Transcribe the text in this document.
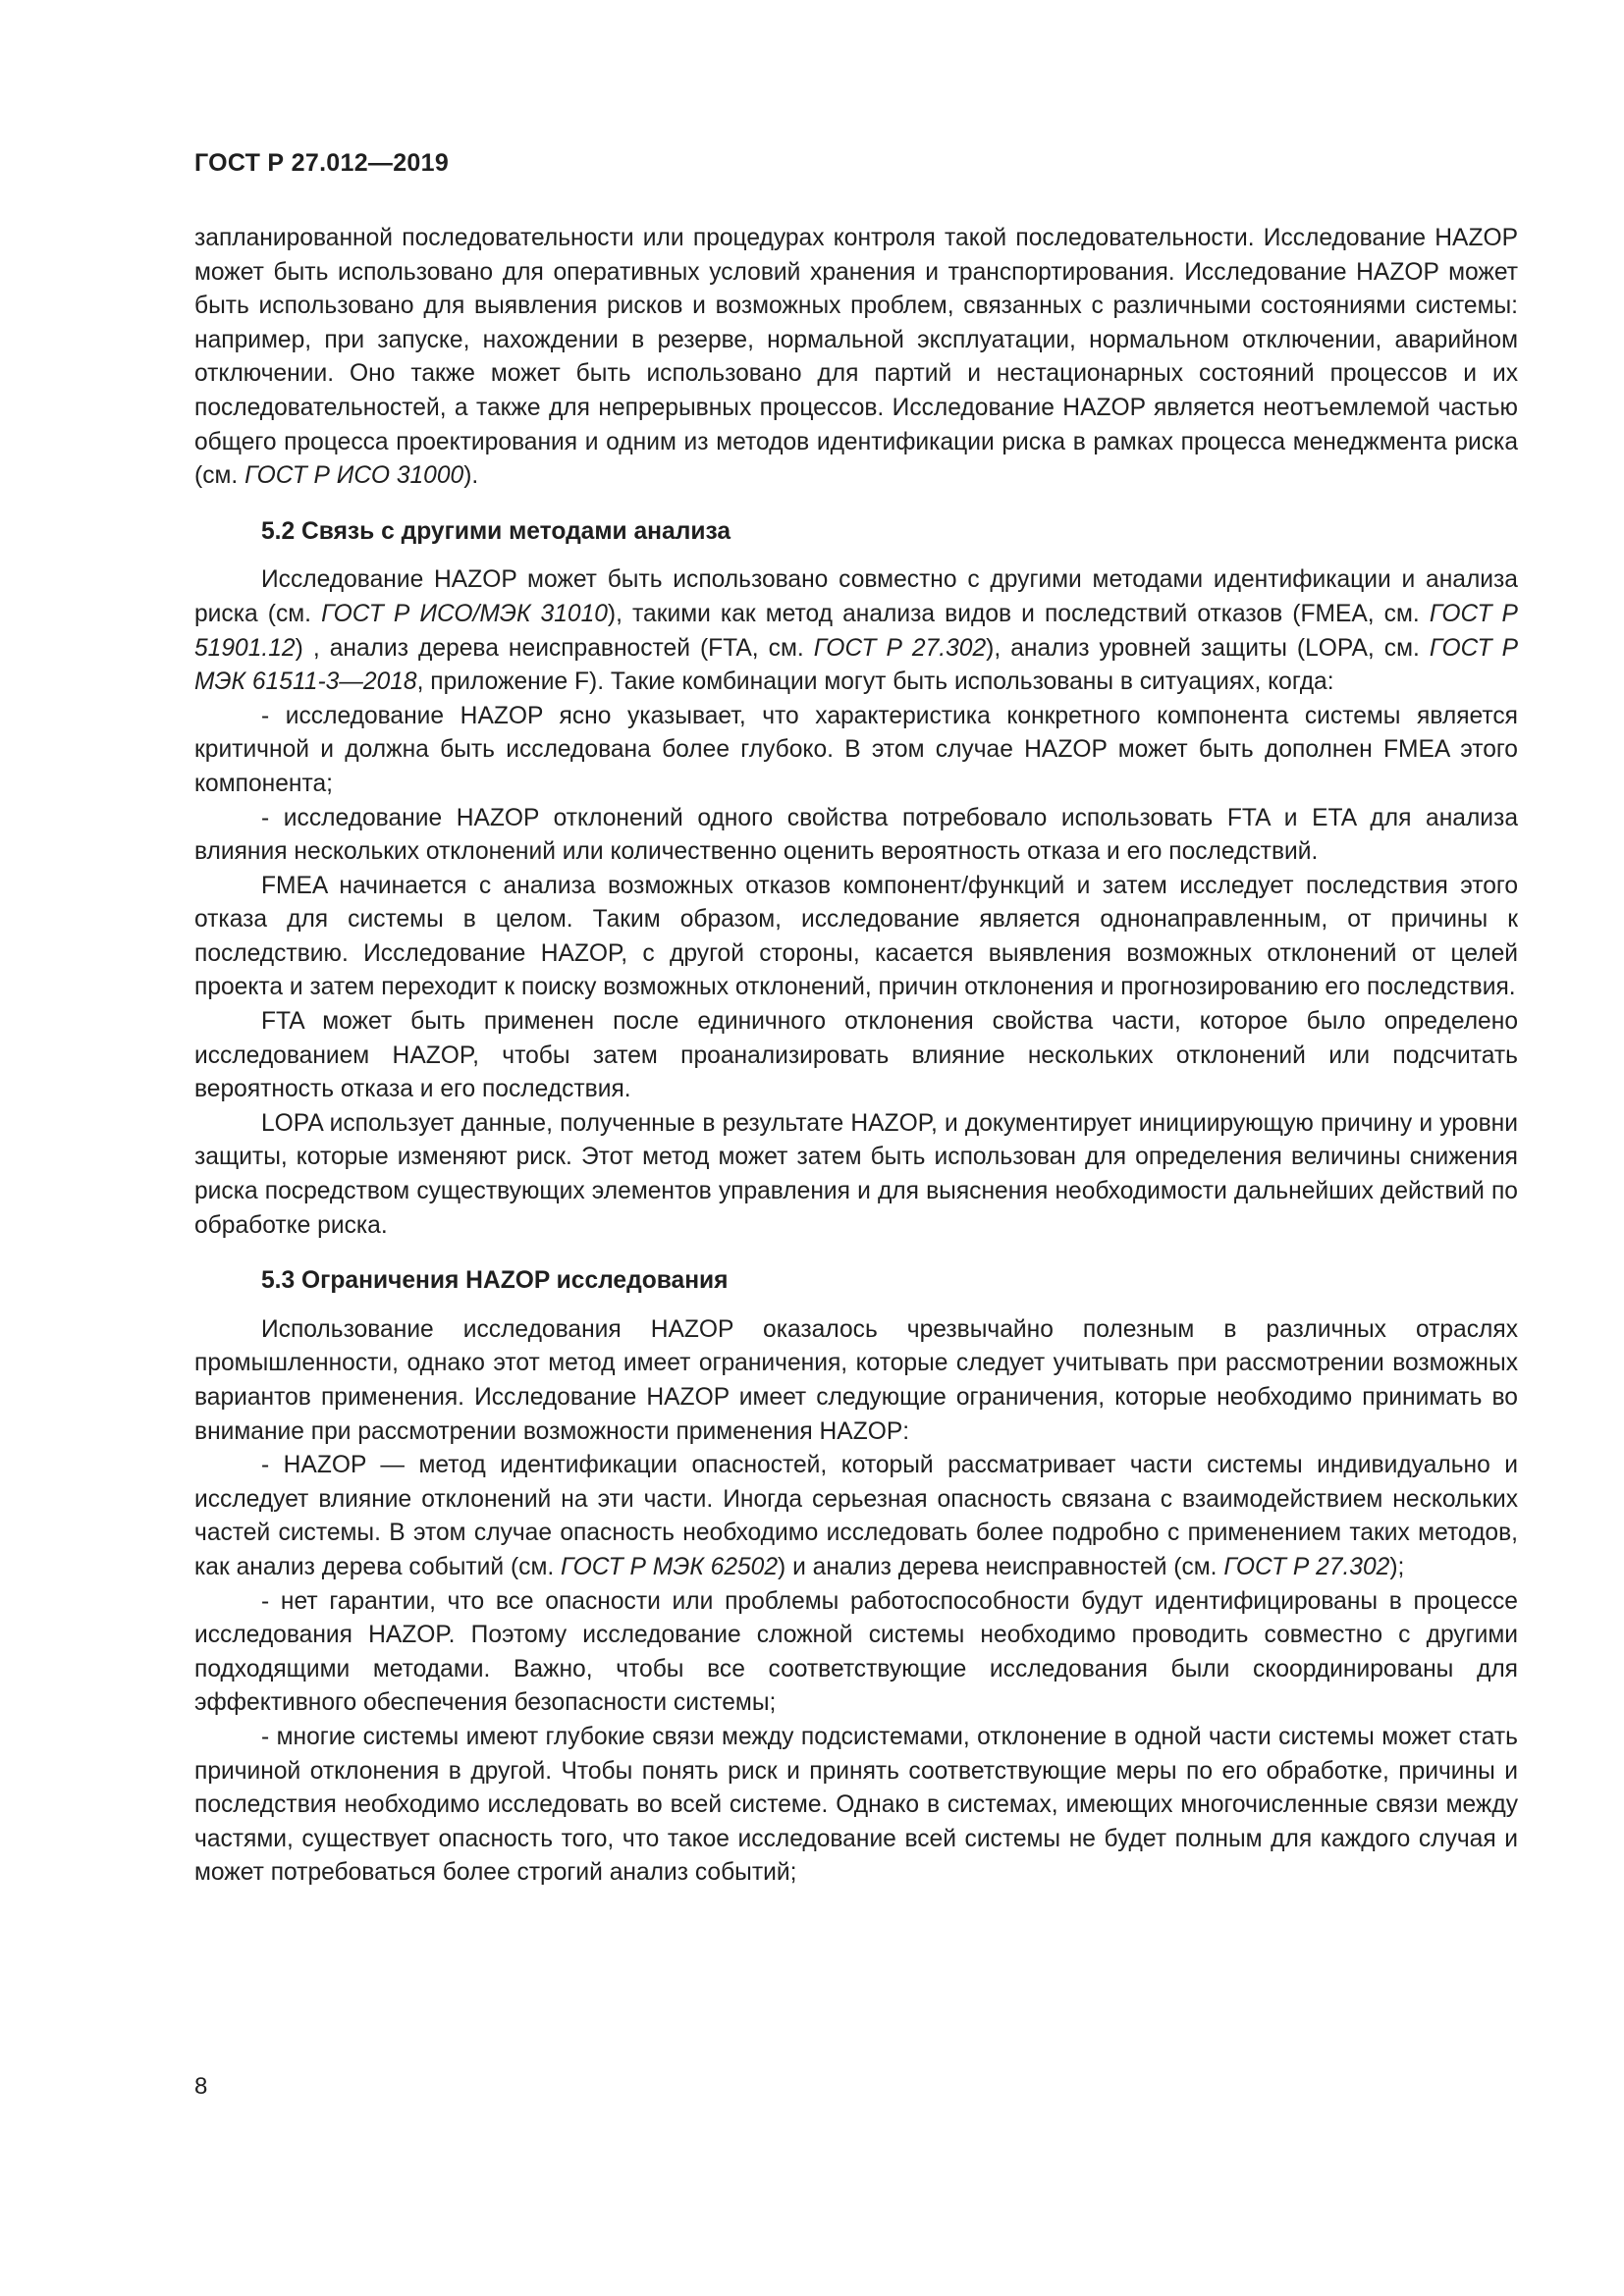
ГОСТ Р 27.012—2019

запланированной последовательности или процедурах контроля такой последовательности. Исследование HAZOP может быть использовано для оперативных условий хранения и транспортирования. Исследование HAZOP может быть использовано для выявления рисков и возможных проблем, связанных с различными состояниями системы: например, при запуске, нахождении в резерве, нормальной эксплуатации, нормальном отключении, аварийном отключении. Оно также может быть использовано для партий и нестационарных состояний процессов и их последовательностей, а также для непрерывных процессов. Исследование HAZOP является неотъемлемой частью общего процесса проектирования и одним из методов идентификации риска в рамках процесса менеджмента риска (см. ГОСТ Р ИСО 31000).

5.2 Связь с другими методами анализа

Исследование HAZOP может быть использовано совместно с другими методами идентификации и анализа риска (см. ГОСТ Р ИСО/МЭК 31010), такими как метод анализа видов и последствий отказов (FMEA, см. ГОСТ Р 51901.12) , анализ дерева неисправностей (FTA, см. ГОСТ Р 27.302), анализ уровней защиты (LOPA, см. ГОСТ Р МЭК 61511-3—2018, приложение F). Такие комбинации могут быть использованы в ситуациях, когда:

- исследование HAZOP ясно указывает, что характеристика конкретного компонента системы является критичной и должна быть исследована более глубоко. В этом случае HAZOP может быть дополнен FMEA этого компонента;

- исследование HAZOP отклонений одного свойства потребовало использовать FTA и ETA для анализа влияния нескольких отклонений или количественно оценить вероятность отказа и его последствий.

FMEA начинается с анализа возможных отказов компонент/функций и затем исследует последствия этого отказа для системы в целом. Таким образом, исследование является однонаправленным, от причины к последствию. Исследование HAZOP, с другой стороны, касается выявления возможных отклонений от целей проекта и затем переходит к поиску возможных отклонений, причин отклонения и прогнозированию его последствия.

FTA может быть применен после единичного отклонения свойства части, которое было определено исследованием HAZOP, чтобы затем проанализировать влияние нескольких отклонений или подсчитать вероятность отказа и его последствия.

LOPA использует данные, полученные в результате HAZOP, и документирует инициирующую причину и уровни защиты, которые изменяют риск. Этот метод может затем быть использован для определения величины снижения риска посредством существующих элементов управления и для выяснения необходимости дальнейших действий по обработке риска.

5.3 Ограничения HAZOP исследования

Использование исследования HAZOP оказалось чрезвычайно полезным в различных отраслях промышленности, однако этот метод имеет ограничения, которые следует учитывать при рассмотрении возможных вариантов применения. Исследование HAZOP имеет следующие ограничения, которые необходимо принимать во внимание при рассмотрении возможности применения HAZOP:

- HAZOP — метод идентификации опасностей, который рассматривает части системы индивидуально и исследует влияние отклонений на эти части. Иногда серьезная опасность связана с взаимодействием нескольких частей системы. В этом случае опасность необходимо исследовать более подробно с применением таких методов, как анализ дерева событий (см. ГОСТ Р МЭК 62502) и анализ дерева неисправностей (см. ГОСТ Р 27.302);

- нет гарантии, что все опасности или проблемы работоспособности будут идентифицированы в процессе исследования HAZOP. Поэтому исследование сложной системы необходимо проводить совместно с другими подходящими методами. Важно, чтобы все соответствующие исследования были скоординированы для эффективного обеспечения безопасности системы;

- многие системы имеют глубокие связи между подсистемами, отклонение в одной части системы может стать причиной отклонения в другой. Чтобы понять риск и принять соответствующие меры по его обработке, причины и последствия необходимо исследовать во всей системе. Однако в системах, имеющих многочисленные связи между частями, существует опасность того, что такое исследование всей системы не будет полным для каждого случая и может потребоваться более строгий анализ событий;

8
